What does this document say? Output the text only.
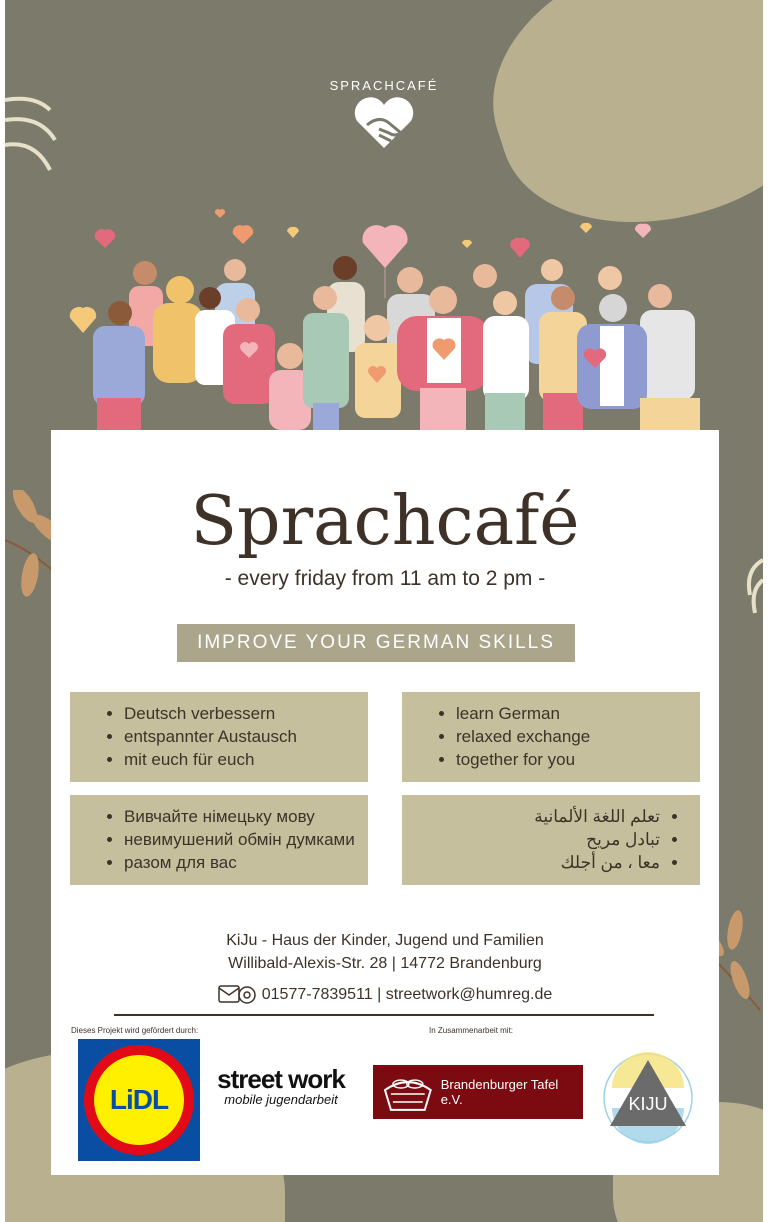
SPRACHCAFÉ
Sprachcafé
- every friday from 11 am to 2 pm -
IMPROVE YOUR GERMAN SKILLS
• Deutsch verbessern
• entspannter Austausch
• mit euch für euch
• learn German
• relaxed exchange
• together for you
• Вивчайте німецьку мову
• невимушений обмін думками
• разом для вас
• تعلم اللغة الألمانية
• تبادل مريح
• معا ، من أجلك
KiJu - Haus der Kinder, Jugend und Familien
Willibald-Alexis-Str. 28 | 14772 Brandenburg
01577-7839511 | streetwork@humreg.de
Dieses Projekt wird gefördert durch:	In Zusammenarbeit mit:
LiDL
street work
mobile jugendarbeit
Brandenburger Tafel e.V.	KIJU
